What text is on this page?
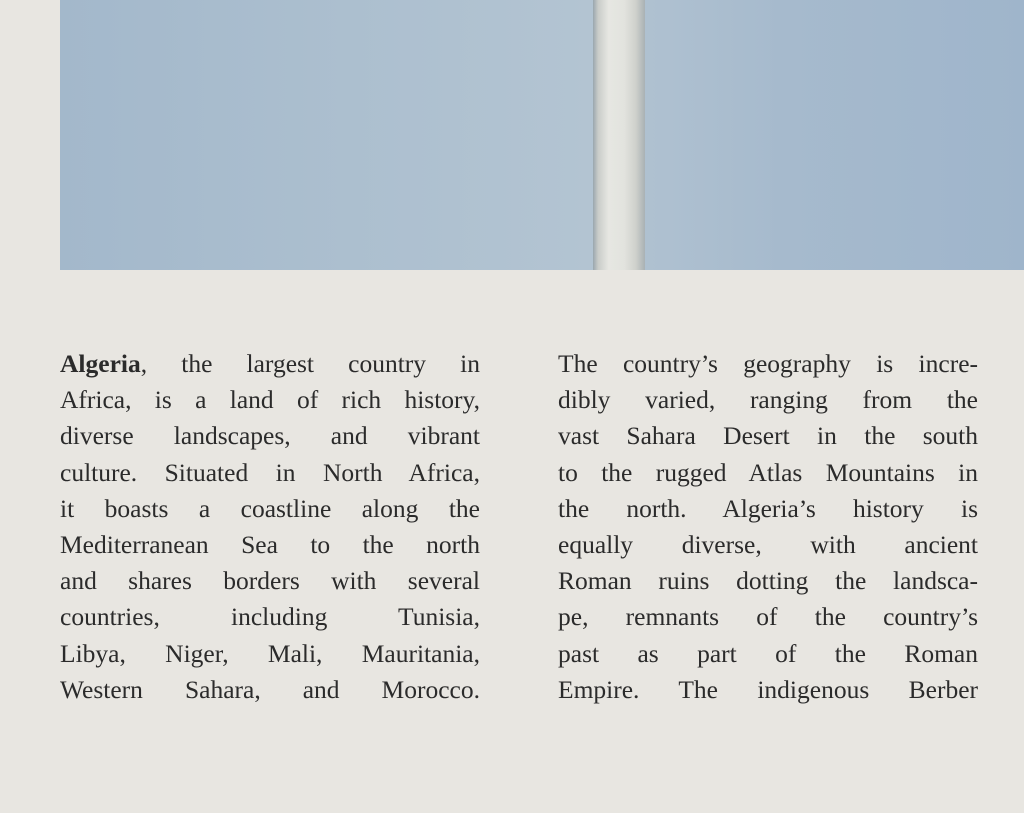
Algeria, the largest country in
Africa, is a land of rich history,
diverse landscapes, and vibrant
culture. Situated in North Africa,
it boasts a coastline along the
Mediterranean Sea to the north
and shares borders with several
countries, including Tunisia,
Libya, Niger, Mali, Mauritania,
Western Sahara, and Morocco.
The country’s geography is incre-
dibly varied, ranging from the
vast Sahara Desert in the south
to the rugged Atlas Mountains in
the north. Algeria’s history is
equally diverse, with ancient
Roman ruins dotting the landsca-
pe, remnants of the country’s
past as part of the Roman
Empire. The indigenous Berber
